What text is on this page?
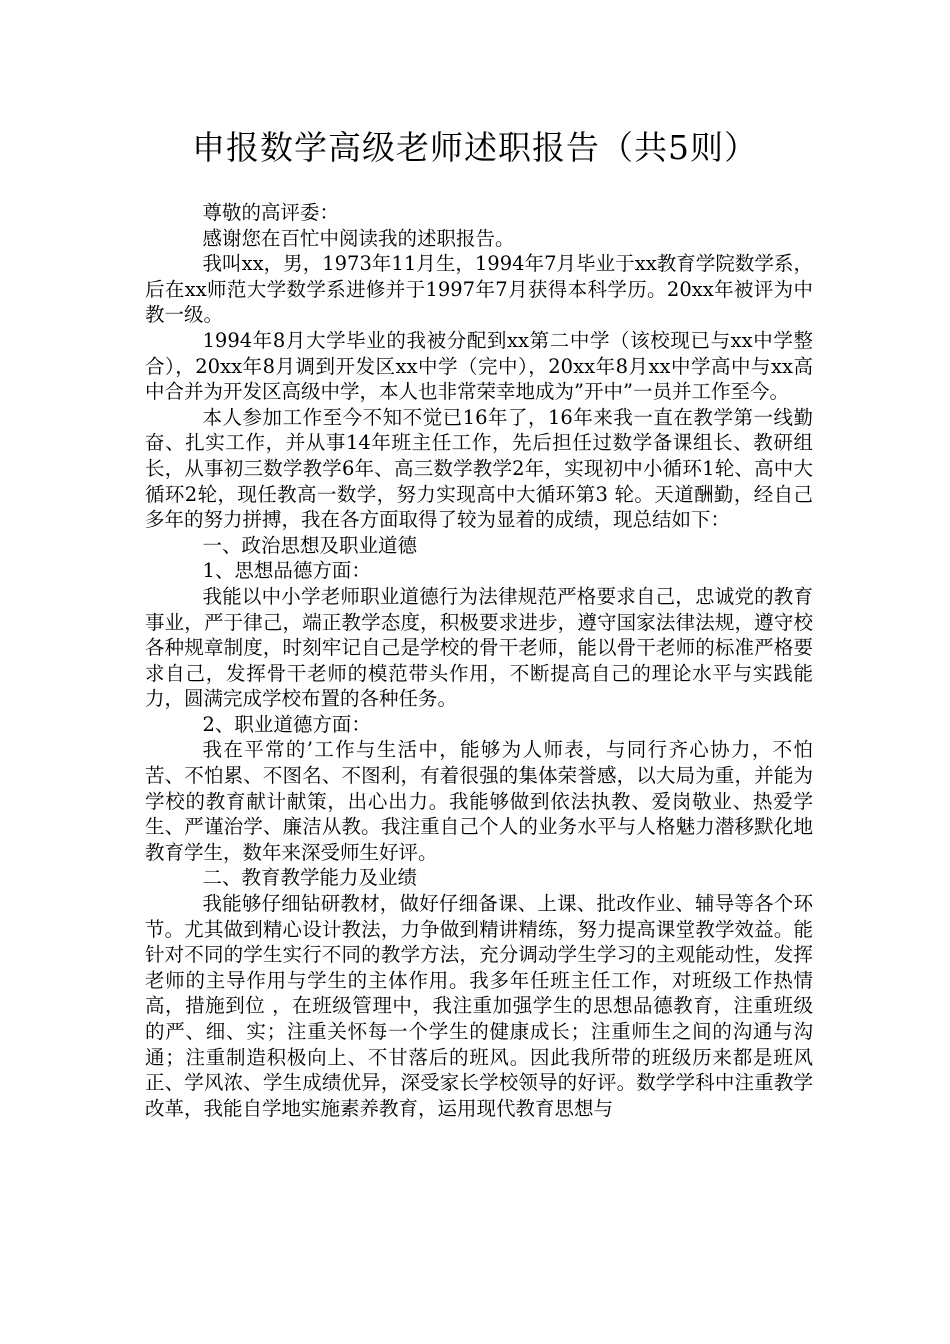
申报数学高级老师述职报告（共5则）

尊敬的高评委：

感谢您在百忙中阅读我的述职报告。

我叫xx，男，1973年11月生，1994年7月毕业于xx教育学院数学系，后在xx师范大学数学系进修并于1997年7月获得本科学历。20xx年被评为中教一级。

1994年8月大学毕业的我被分配到xx第二中学（该校现已与xx中学整合），20xx年8月调到开发区xx中学（完中），20xx年8月xx中学高中与xx高中合并为开发区高级中学，本人也非常荣幸地成为”开中”一员并工作至今。

本人参加工作至今不知不觉已16年了，16年来我一直在教学第一线勤奋、扎实工作，并从事14年班主任工作，先后担任过数学备课组长、教研组长，从事初三数学教学6年、高三数学教学2年，实现初中小循环1轮、高中大循环2轮，现任教高一数学，努力实现高中大循环第3 轮。天道酬勤，经自己多年的努力拼搏，我在各方面取得了较为显着的成绩，现总结如下：

一、政治思想及职业道德

1、思想品德方面：

我能以中小学老师职业道德行为法律规范严格要求自己，忠诚党的教育事业，严于律己，端正教学态度，积极要求进步，遵守国家法律法规，遵守校各种规章制度，时刻牢记自己是学校的骨干老师，能以骨干老师的标准严格要求自己，发挥骨干老师的模范带头作用，不断提高自己的理论水平与实践能力，圆满完成学校布置的各种任务。

2、职业道德方面：

我在平常的’工作与生活中，能够为人师表，与同行齐心协力，不怕苦、不怕累、不图名、不图利，有着很强的集体荣誉感，以大局为重，并能为学校的教育献计献策，出心出力。我能够做到依法执教、爱岗敬业、热爱学生、严谨治学、廉洁从教。我注重自己个人的业务水平与人格魅力潜移默化地教育学生，数年来深受师生好评。

二、教育教学能力及业绩

我能够仔细钻研教材，做好仔细备课、上课、批改作业、辅导等各个环节。尤其做到精心设计教法，力争做到精讲精练，努力提高课堂教学效益。能针对不同的学生实行不同的教学方法，充分调动学生学习的主观能动性，发挥老师的主导作用与学生的主体作用。我多年任班主任工作，对班级工作热情高，措施到位 ，在班级管理中，我注重加强学生的思想品德教育，注重班级的严、细、实；注重关怀每一个学生的健康成长；注重师生之间的沟通与沟通；注重制造积极向上、不甘落后的班风。因此我所带的班级历来都是班风正、学风浓、学生成绩优异，深受家长学校领导的好评。数学学科中注重教学改革，我能自学地实施素养教育，运用现代教育思想与
